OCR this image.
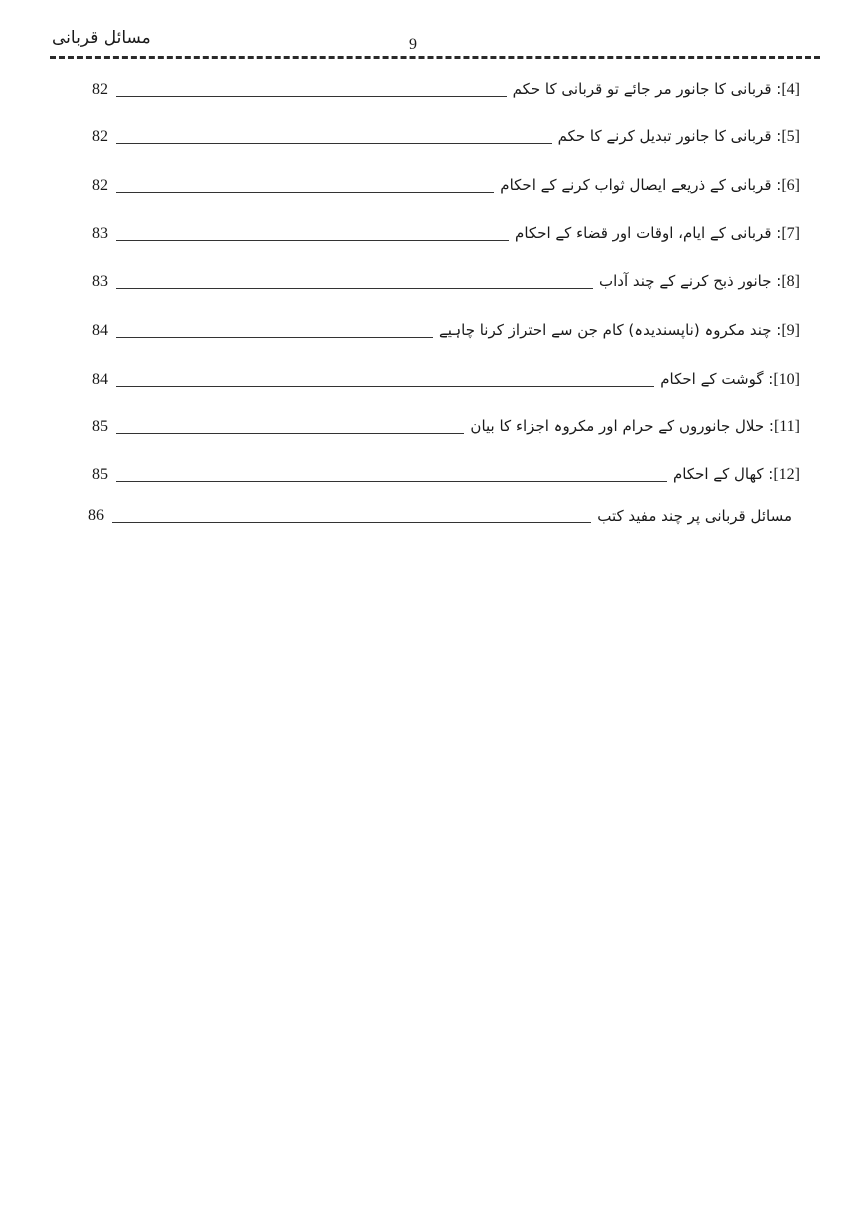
مسائل قربانی	9
82	[4]: قربانی کا جانور مر جائے تو قربانی کا حکم
82	[5]: قربانی کا جانور تبدیل کرنے کا حکم
82	[6]: قربانی کے ذریعے ایصال ثواب کرنے کے احکام
83	[7]: قربانی کے ایام، اوقات اور قضاء کے احکام
83	[8]: جانور ذبح کرنے کے چند آداب
84	[9]: چند مکروہ (ناپسندیدہ) کام جن سے احتراز کرنا چاہیے
84	[10]: گوشت کے احکام
85	[11]: حلال جانوروں کے حرام اور مکروہ اجزاء کا بیان
85	[12]: کھال کے احکام
86	مسائل قربانی پر چند مفید کتب
